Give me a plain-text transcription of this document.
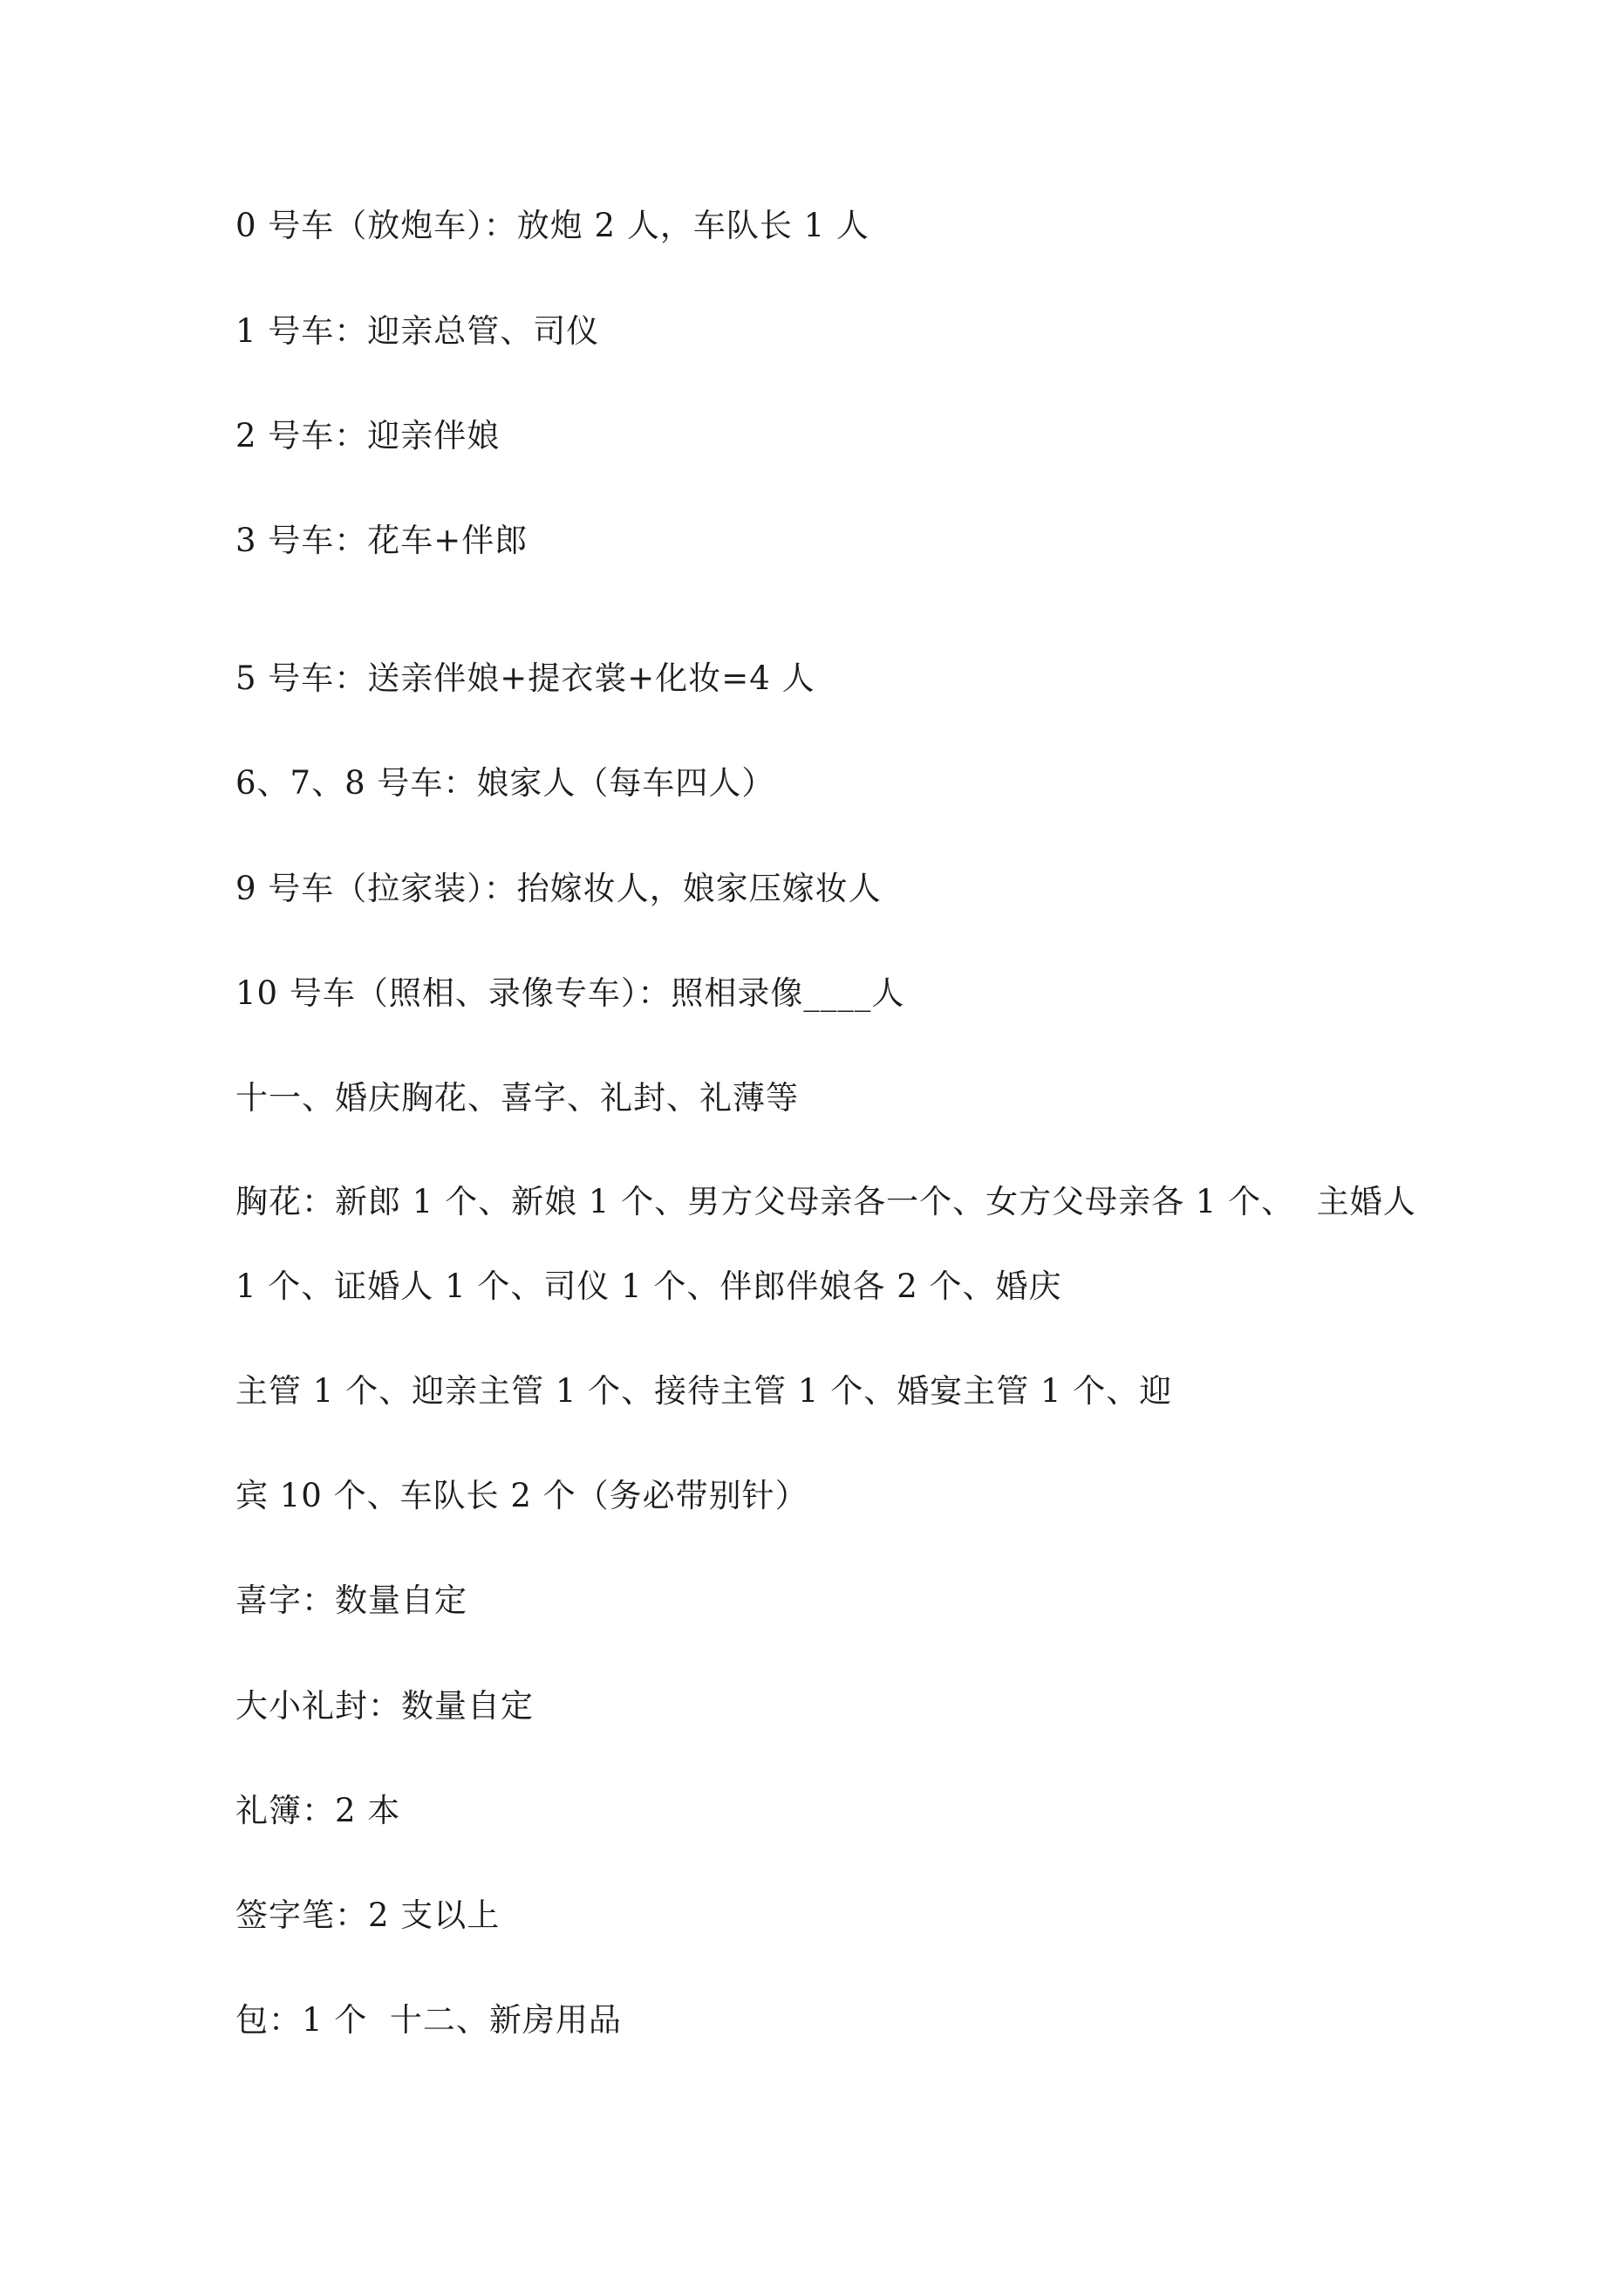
0 号车（放炮车）：放炮 2 人，车队长 1 人
1 号车：迎亲总管、司仪
2 号车：迎亲伴娘
3 号车：花车+伴郎
5 号车：送亲伴娘+提衣裳+化妆=4 人
6、7、8 号车：娘家人（每车四人）
9 号车（拉家装）：抬嫁妆人，娘家压嫁妆人
10 号车（照相、录像专车）：照相录像____人
十一、婚庆胸花、喜字、礼封、礼薄等
胸花：新郎 1 个、新娘 1 个、男方父母亲各一个、女方父母亲各 1 个、  主婚人
1 个、证婚人 1 个、司仪 1 个、伴郎伴娘各 2 个、婚庆
主管 1 个、迎亲主管 1 个、接待主管 1 个、婚宴主管 1 个、迎
宾 10 个、车队长 2 个（务必带别针）
喜字：数量自定
大小礼封：数量自定
礼簿：2 本
签字笔：2 支以上
包：1 个  十二、新房用品
